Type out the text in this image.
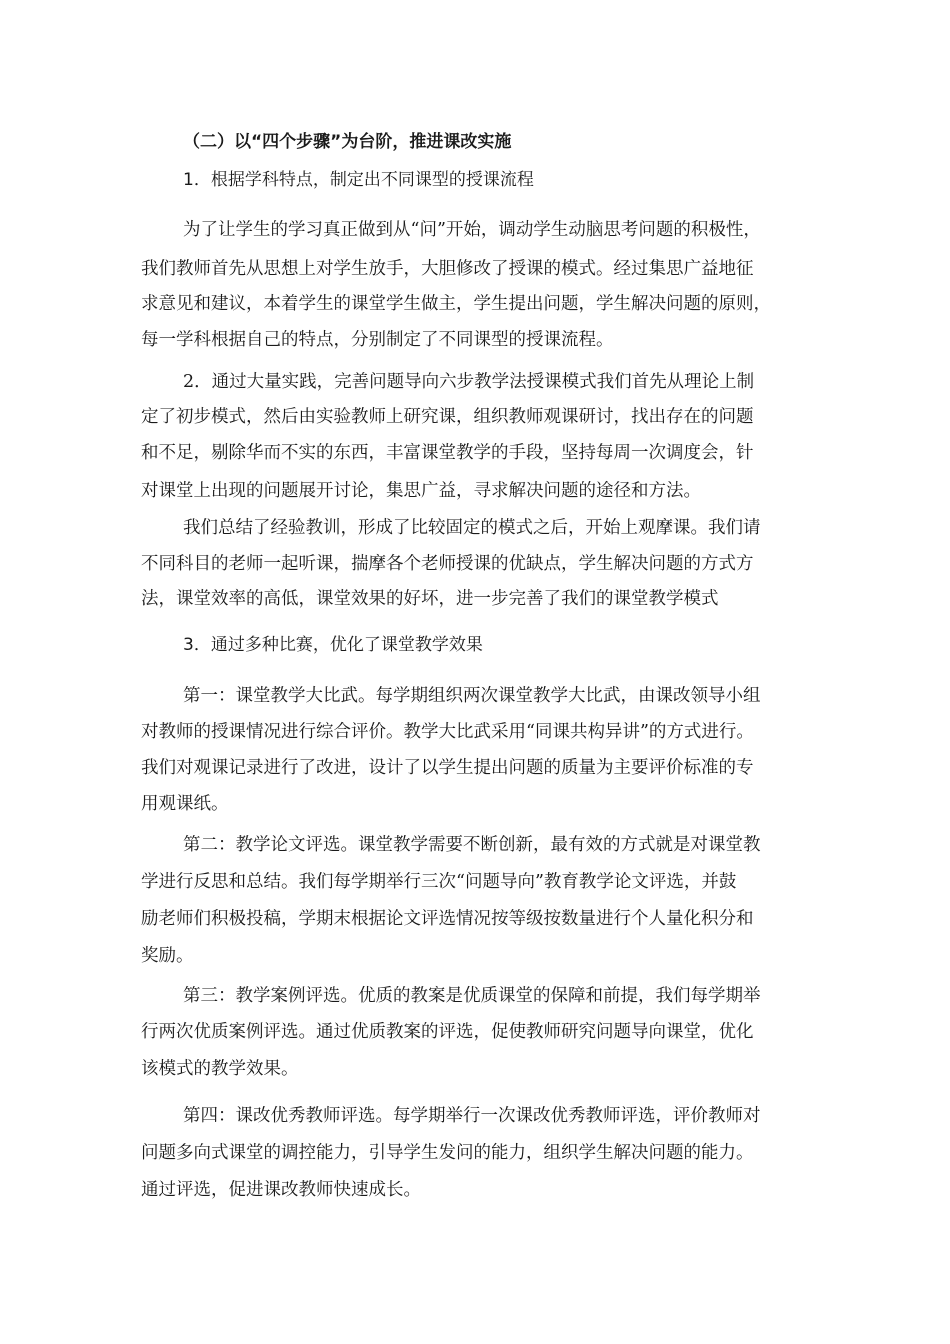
（二）以“四个步骤”为台阶，推进课改实施
1．根据学科特点，制定出不同课型的授课流程
为了让学生的学习真正做到从“问”开始，调动学生动脑思考问题的积极性，
我们教师首先从思想上对学生放手，大胆修改了授课的模式。经过集思广益地征
求意见和建议，本着学生的课堂学生做主，学生提出问题，学生解决问题的原则，
每一学科根据自己的特点，分别制定了不同课型的授课流程。
2．通过大量实践，完善问题导向六步教学法授课模式我们首先从理论上制
定了初步模式，然后由实验教师上研究课，组织教师观课研讨，找出存在的问题
和不足，剔除华而不实的东西，丰富课堂教学的手段，坚持每周一次调度会，针
对课堂上出现的问题展开讨论，集思广益，寻求解决问题的途径和方法。
我们总结了经验教训，形成了比较固定的模式之后，开始上观摩课。我们请
不同科目的老师一起听课，揣摩各个老师授课的优缺点，学生解决问题的方式方
法，课堂效率的高低，课堂效果的好坏，进一步完善了我们的课堂教学模式
3．通过多种比赛，优化了课堂教学效果
第一：课堂教学大比武。每学期组织两次课堂教学大比武，由课改领导小组
对教师的授课情况进行综合评价。教学大比武采用“同课共构异讲”的方式进行。
我们对观课记录进行了改进，设计了以学生提出问题的质量为主要评价标准的专
用观课纸。
第二：教学论文评选。课堂教学需要不断创新，最有效的方式就是对课堂教
学进行反思和总结。我们每学期举行三次“问题导向”教育教学论文评选，并鼓
励老师们积极投稿，学期末根据论文评选情况按等级按数量进行个人量化积分和
奖励。
第三：教学案例评选。优质的教案是优质课堂的保障和前提，我们每学期举
行两次优质案例评选。通过优质教案的评选，促使教师研究问题导向课堂，优化
该模式的教学效果。
第四：课改优秀教师评选。每学期举行一次课改优秀教师评选，评价教师对
问题多向式课堂的调控能力，引导学生发问的能力，组织学生解决问题的能力。
通过评选，促进课改教师快速成长。
